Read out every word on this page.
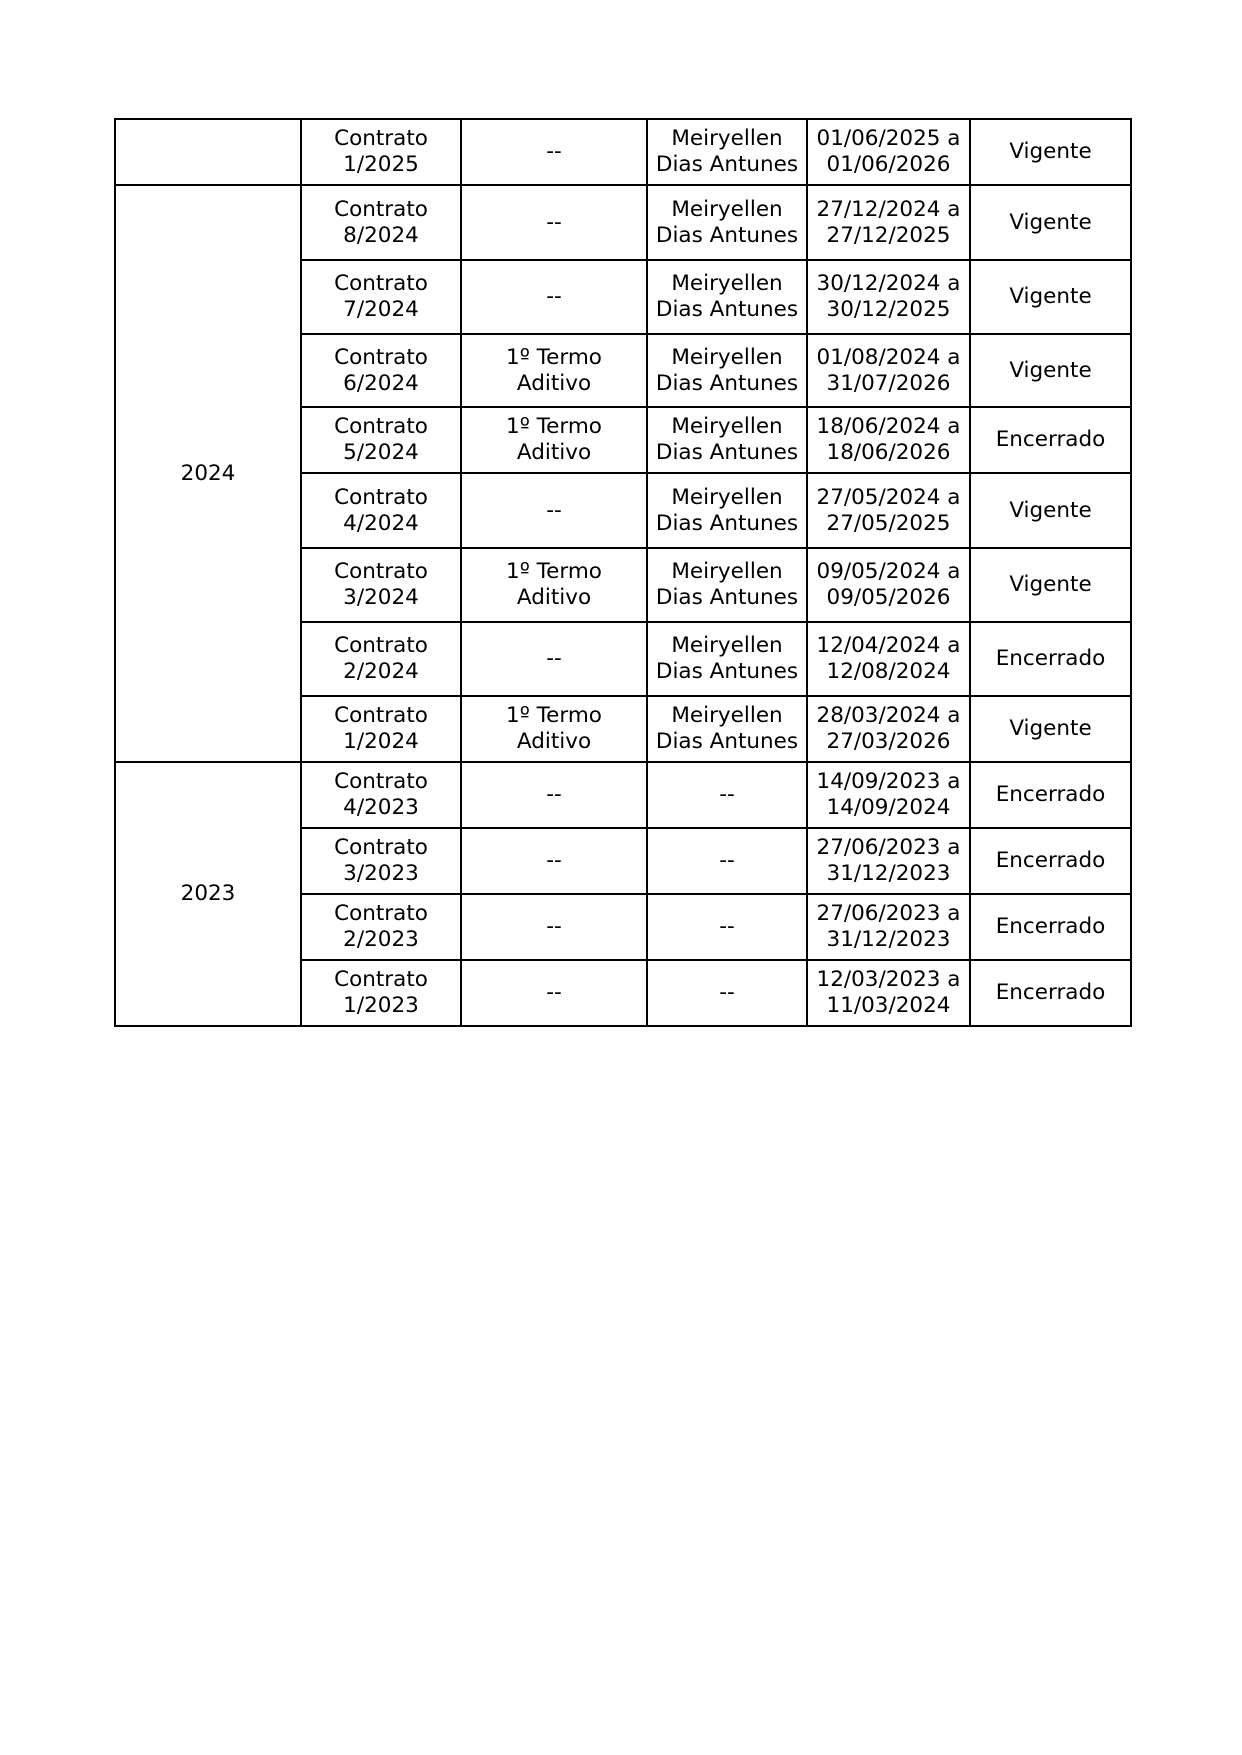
	Contrato
1/2025	--	Meiryellen
Dias Antunes	01/06/2025 a
01/06/2026	Vigente
2024	Contrato
8/2024	--	Meiryellen
Dias Antunes	27/12/2024 a
27/12/2025	Vigente
	Contrato
7/2024	--	Meiryellen
Dias Antunes	30/12/2024 a
30/12/2025	Vigente
	Contrato
6/2024	1º Termo
Aditivo	Meiryellen
Dias Antunes	01/08/2024 a
31/07/2026	Vigente
	Contrato
5/2024	1º Termo
Aditivo	Meiryellen
Dias Antunes	18/06/2024 a
18/06/2026	Encerrado
	Contrato
4/2024	--	Meiryellen
Dias Antunes	27/05/2024 a
27/05/2025	Vigente
	Contrato
3/2024	1º Termo
Aditivo	Meiryellen
Dias Antunes	09/05/2024 a
09/05/2026	Vigente
	Contrato
2/2024	--	Meiryellen
Dias Antunes	12/04/2024 a
12/08/2024	Encerrado
	Contrato
1/2024	1º Termo
Aditivo	Meiryellen
Dias Antunes	28/03/2024 a
27/03/2026	Vigente
2023	Contrato
4/2023	--	--	14/09/2023 a
14/09/2024	Encerrado
	Contrato
3/2023	--	--	27/06/2023 a
31/12/2023	Encerrado
	Contrato
2/2023	--	--	27/06/2023 a
31/12/2023	Encerrado
	Contrato
1/2023	--	--	12/03/2023 a
11/03/2024	Encerrado
